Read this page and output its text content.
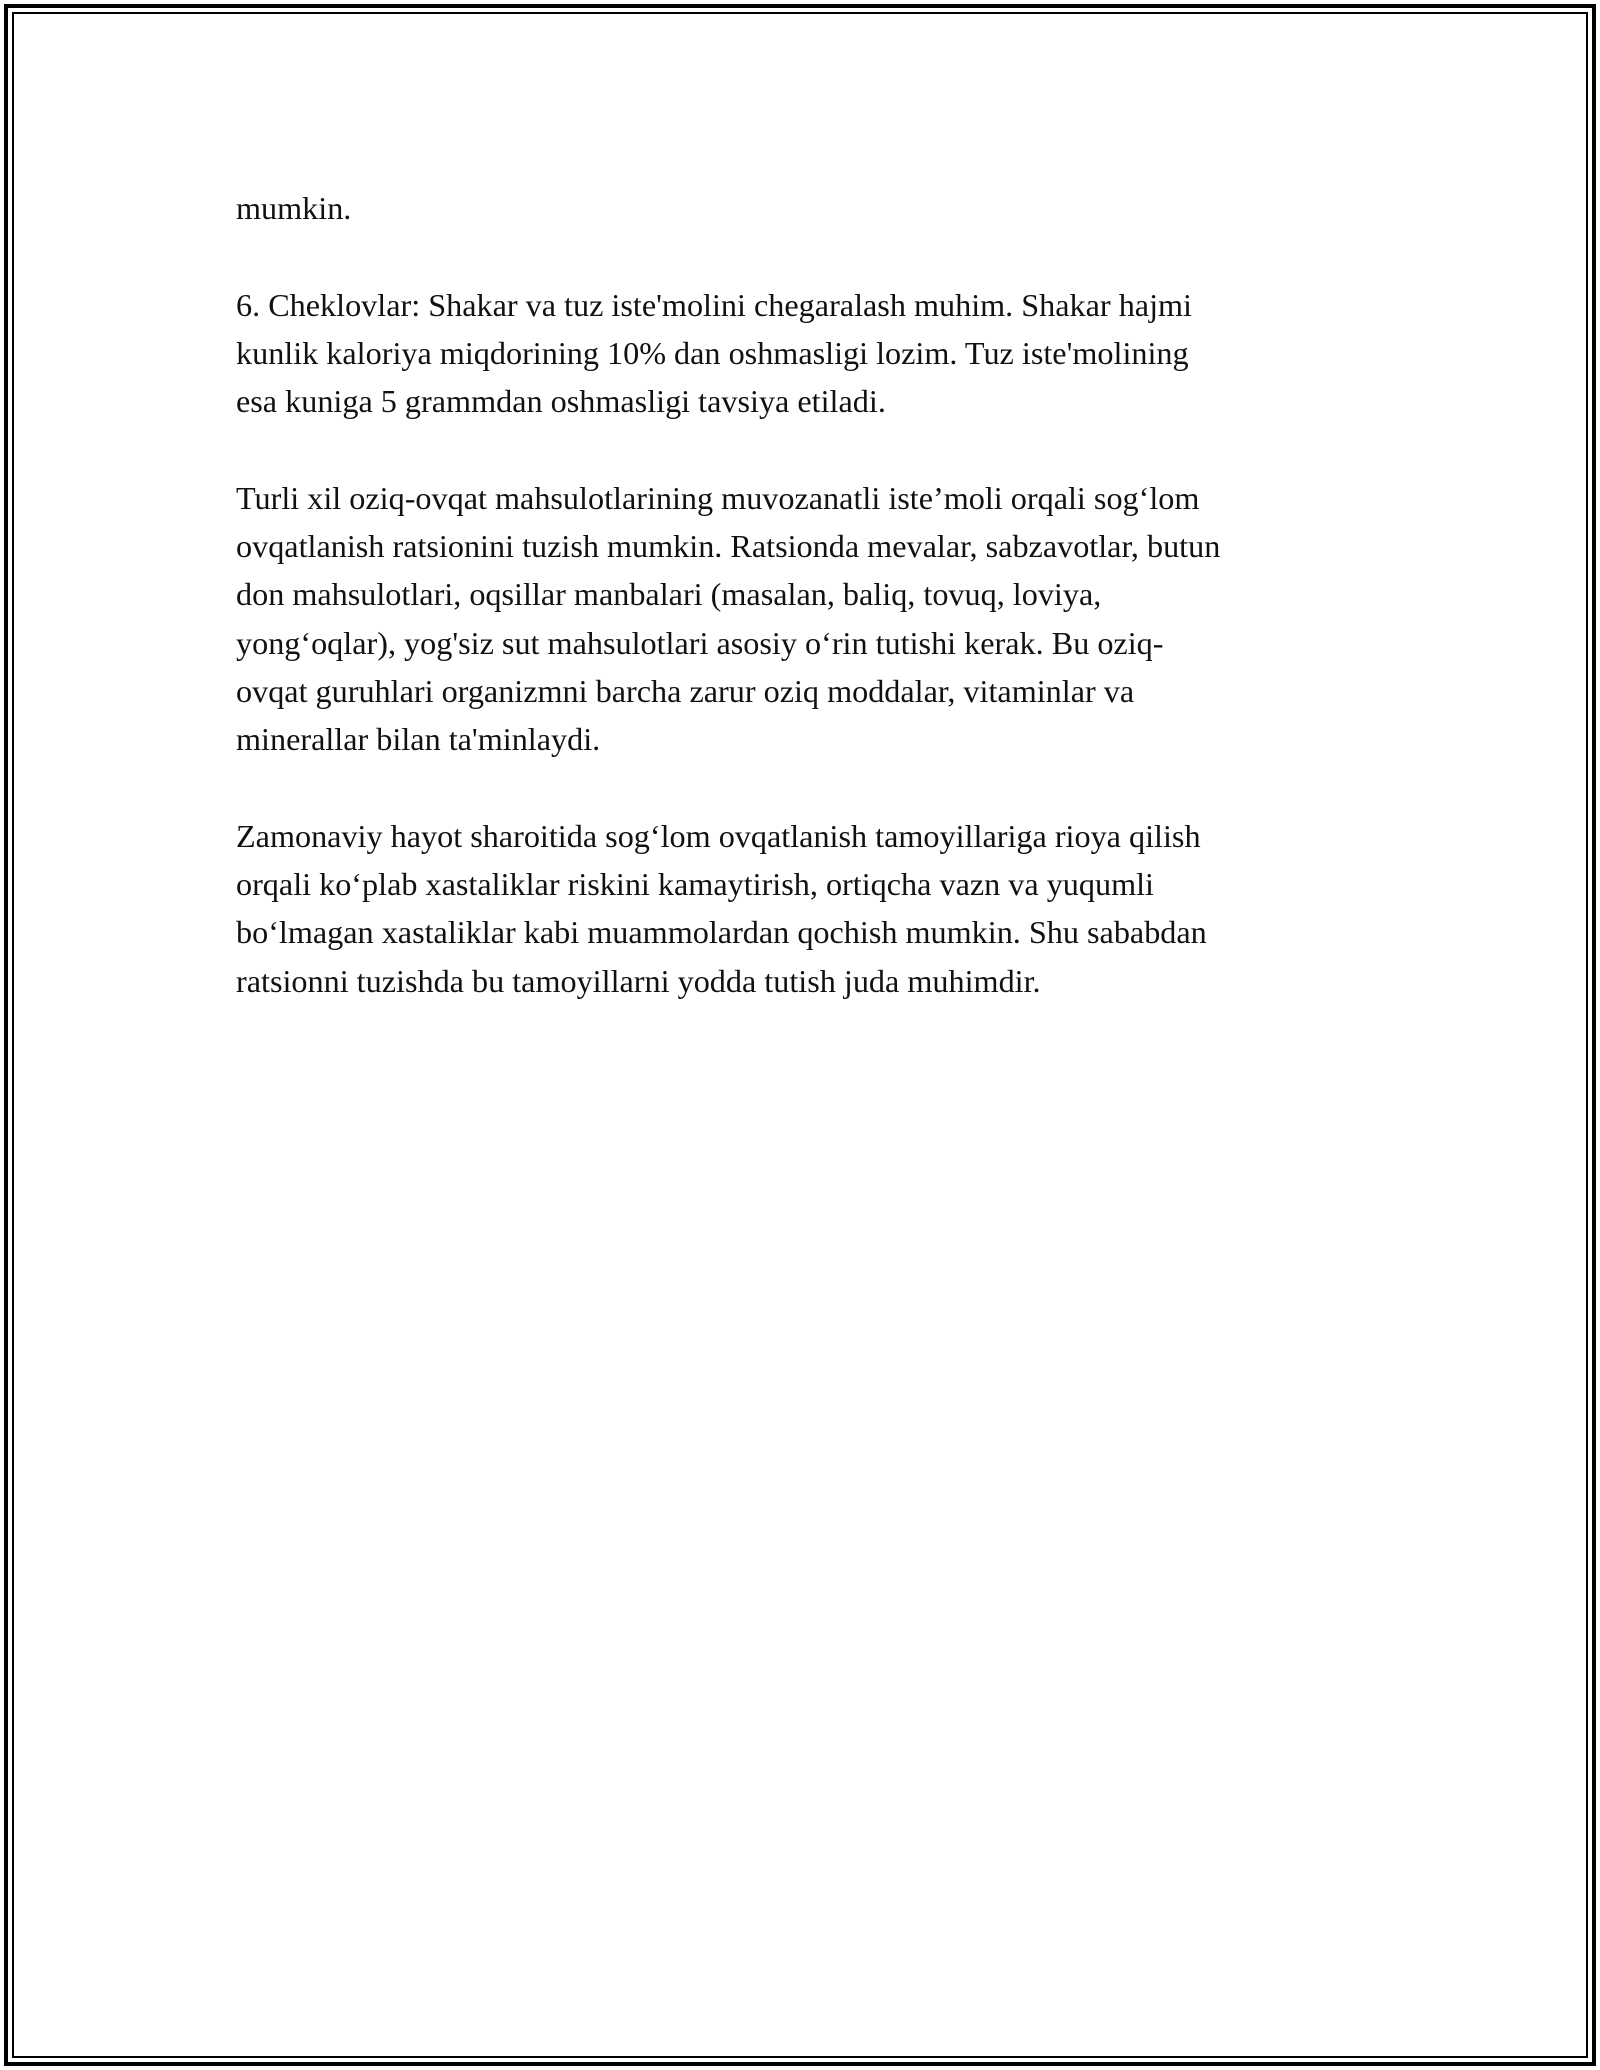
mumkin.

6. Cheklovlar: Shakar va tuz iste'molini chegaralash muhim. Shakar hajmi
kunlik kaloriya miqdorining 10% dan oshmasligi lozim. Tuz iste'molining
esa kuniga 5 grammdan oshmasligi tavsiya etiladi.

Turli xil oziq-ovqat mahsulotlarining muvozanatli iste’moli orqali sog‘lom
ovqatlanish ratsionini tuzish mumkin. Ratsionda mevalar, sabzavotlar, butun
don mahsulotlari, oqsillar manbalari (masalan, baliq, tovuq, loviya,
yong‘oqlar), yog'siz sut mahsulotlari asosiy o‘rin tutishi kerak. Bu oziq-
ovqat guruhlari organizmni barcha zarur oziq moddalar, vitaminlar va
minerallar bilan ta'minlaydi.

Zamonaviy hayot sharoitida sog‘lom ovqatlanish tamoyillariga rioya qilish
orqali ko‘plab xastaliklar riskini kamaytirish, ortiqcha vazn va yuqumli
bo‘lmagan xastaliklar kabi muammolardan qochish mumkin. Shu sababdan
ratsionni tuzishda bu tamoyillarni yodda tutish juda muhimdir.
